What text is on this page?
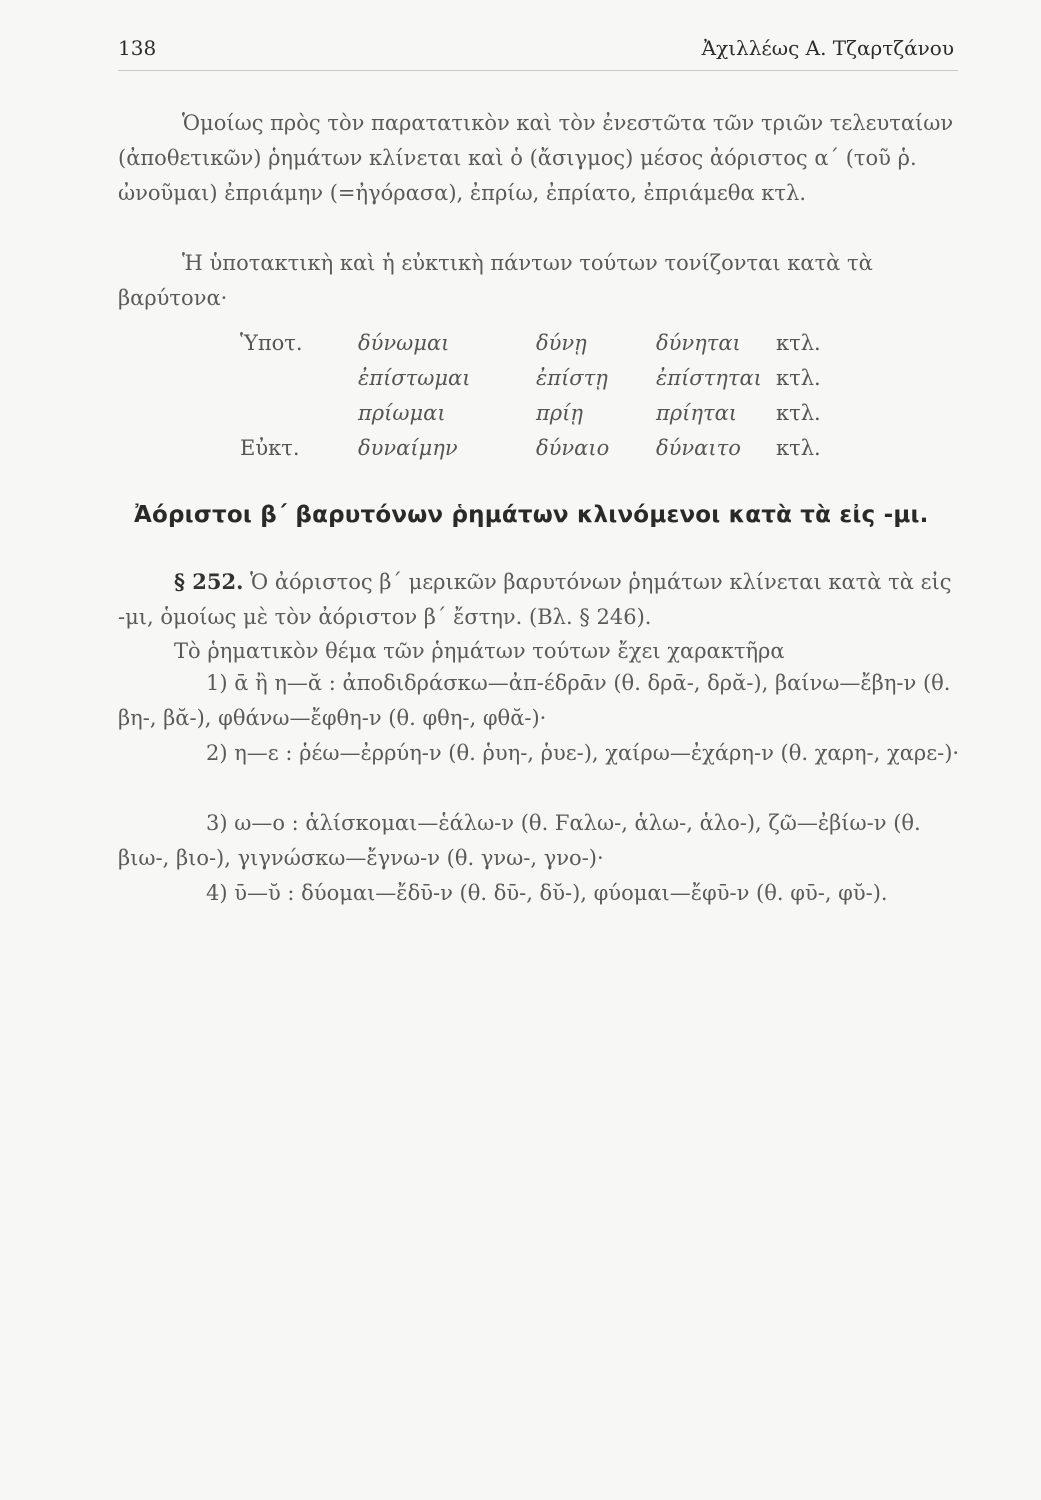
138	Ἀχιλλέως Α. Τζαρτζάνου

Ὁμοίως πρὸς τὸν παρατατικὸν καὶ τὸν ἐνεστῶτα τῶν τριῶν τελευταίων (ἀποθετικῶν) ῥημάτων κλίνεται καὶ ὁ (ἄσιγμος) μέσος ἀόριστος α΄ (τοῦ ῥ. ὠνοῦμαι) ἐπριάμην (=ἠγόρασα), ἐπρίω, ἐπρίατο, ἐπριάμεθα κτλ.

Ἡ ὑποτακτικὴ καὶ ἡ εὐκτικὴ πάντων τούτων τονίζονται κατὰ τὰ βαρύτονα·

Ὑποτ.	δύνωμαι	δύνῃ	δύνηται	κτλ.
	ἐπίστωμαι	ἐπίστῃ	ἐπίστηται	κτλ.
	πρίωμαι	πρίῃ	πρίηται	κτλ.
Εὐκτ.	δυναίμην	δύναιο	δύναιτο	κτλ.
Ἀόριστοι β΄ βαρυτόνων ῥημάτων κλινόμενοι κατὰ τὰ εἰς -μι.

§ 252. Ὁ ἀόριστος β΄ μερικῶν βαρυτόνων ῥημάτων κλίνεται κατὰ τὰ εἰς -μι, ὁμοίως μὲ τὸν ἀόριστον β΄ ἔστην. (Βλ. § 246).

Τὸ ῥηματικὸν θέμα τῶν ῥημάτων τούτων ἔχει χαρακτῆρα

1) ᾱ ἢ η—ᾰ : ἀποδιδράσκω—ἀπ-έδρᾱν (θ. δρᾱ-, δρᾰ-), βαίνω—ἔβη-ν (θ. βη-, βᾰ-), φθάνω—ἔφθη-ν (θ. φθη-, φθᾰ-)·

2) η—ε : ῥέω—ἐρρύη-ν (θ. ῥυη-, ῥυε-), χαίρω—ἐχάρη-ν (θ. χαρη-, χαρε-)·

3) ω—ο : ἁλίσκομαι—ἑάλω-ν (θ. Ϝαλω-, ἁλω-, ἁλο-), ζῶ—ἐβίω-ν (θ. βιω-, βιο-), γιγνώσκω—ἔγνω-ν (θ. γνω-, γνο-)·

4) ῡ—ῠ : δύομαι—ἔδῡ-ν (θ. δῡ-, δῠ-), φύομαι—ἔφῡ-ν (θ. φῡ-, φῠ-).
